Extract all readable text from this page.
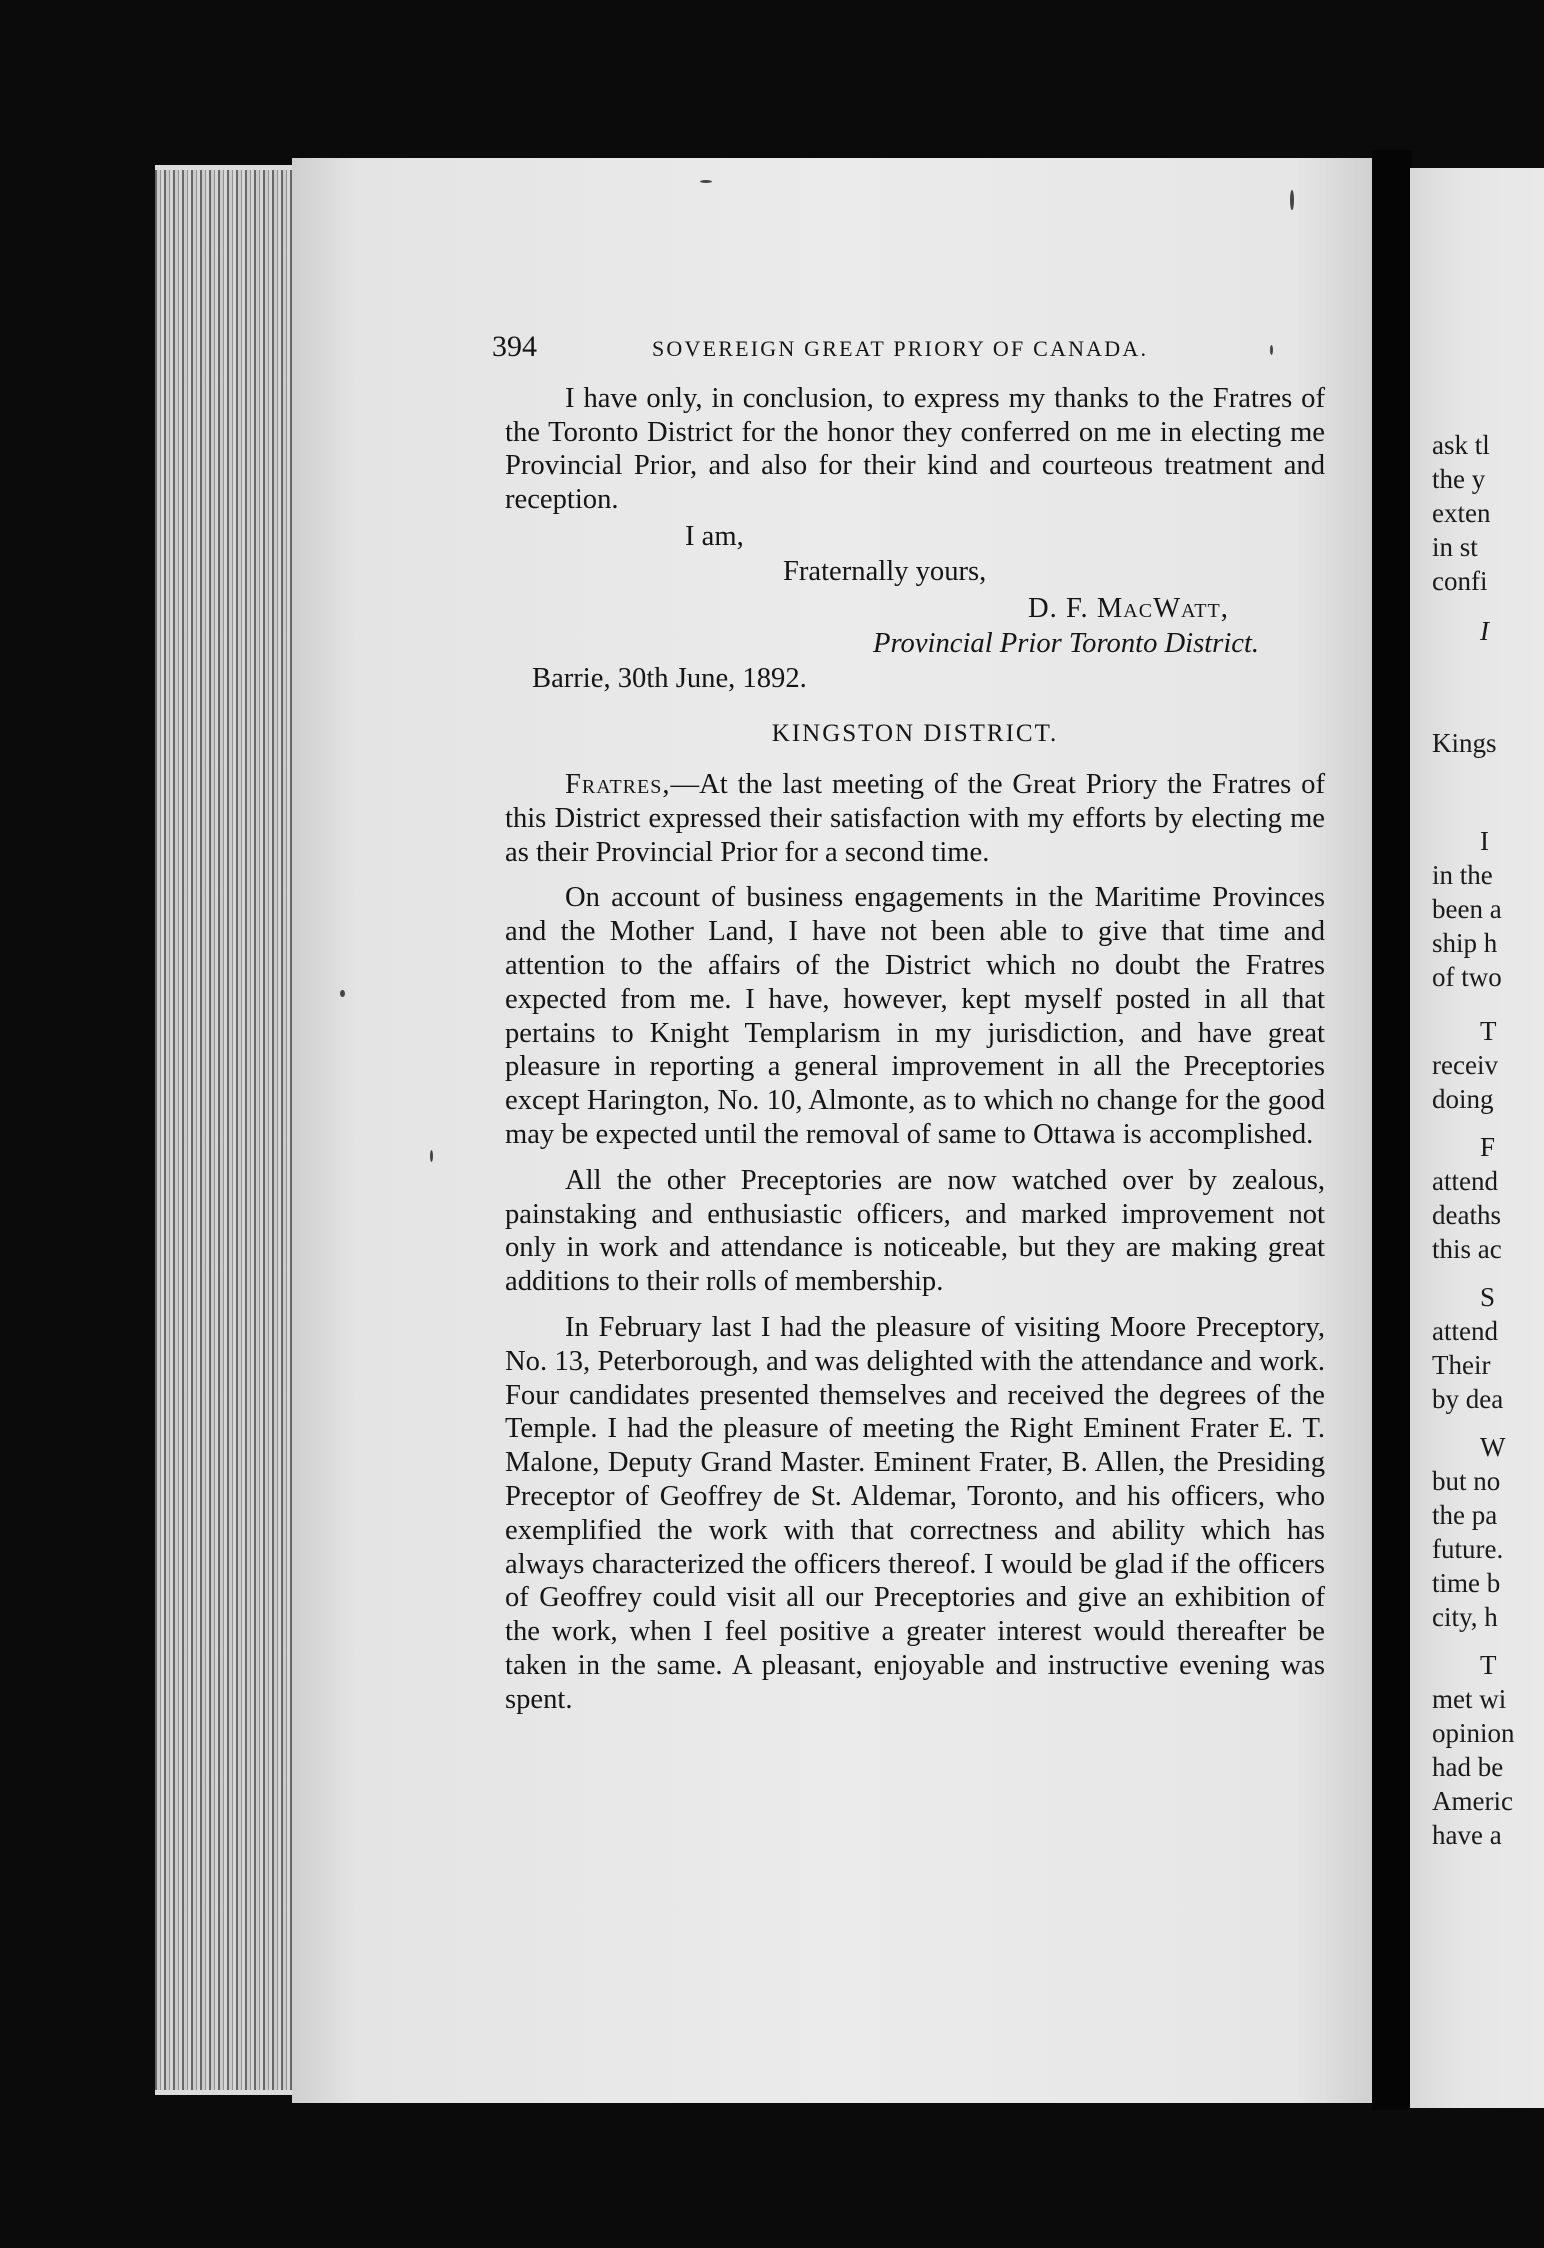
394	SOVEREIGN GREAT PRIORY OF CANADA.

I have only, in conclusion, to express my thanks to the Fratres of the Toronto District for the honor they conferred on me in electing me Provincial Prior, and also for their kind and courteous treatment and reception.

I am,
Fraternally yours,
D. F. MacWatt,
Provincial Prior Toronto District.
Barrie, 30th June, 1892.
KINGSTON DISTRICT.

Fratres,—At the last meeting of the Great Priory the Fratres of this District expressed their satisfaction with my efforts by electing me as their Provincial Prior for a second time.

On account of business engagements in the Maritime Provinces and the Mother Land, I have not been able to give that time and attention to the affairs of the District which no doubt the Fratres expected from me. I have, however, kept myself posted in all that pertains to Knight Templarism in my jurisdiction, and have great pleasure in reporting a general improvement in all the Preceptories except Harington, No. 10, Almonte, as to which no change for the good may be expected until the removal of same to Ottawa is accomplished.

All the other Preceptories are now watched over by zealous, painstaking and enthusiastic officers, and marked improvement not only in work and attendance is noticeable, but they are making great additions to their rolls of membership.

In February last I had the pleasure of visiting Moore Preceptory, No. 13, Peterborough, and was delighted with the attendance and work. Four candidates presented themselves and received the degrees of the Temple. I had the pleasure of meeting the Right Eminent Frater E. T. Malone, Deputy Grand Master. Eminent Frater, B. Allen, the Presiding Preceptor of Geoffrey de St. Aldemar, Toronto, and his officers, who exemplified the work with that correctness and ability which has always characterized the officers thereof. I would be glad if the officers of Geoffrey could visit all our Preceptories and give an exhibition of the work, when I feel positive a greater interest would thereafter be taken in the same. A pleasant, enjoyable and instructive evening was spent.

ask tl
the y
exten
in st
confi
I
Kings
I
in the
been a
ship h
of two
T
receiv
doing
F
attend
deaths
this ac
S
attend
Their
by dea
W
but no
the pa
future.
time b
city, h
T
met wi
opinion
had be
Americ
have a
